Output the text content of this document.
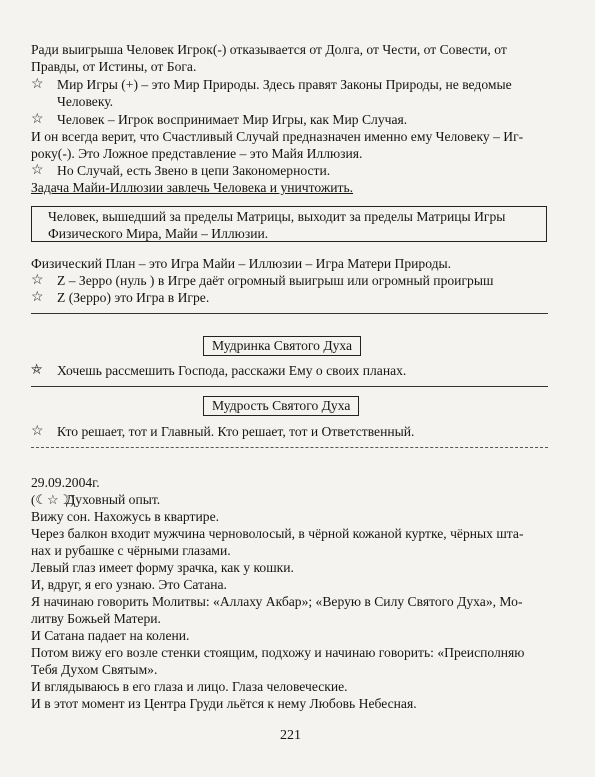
Ради выигрыша Человек Игрок(-) отказывается от Долга, от Чести, от Совести, от
Правды, от Истины, от Бога.
☆ Мир Игры (+) – это Мир Природы. Здесь правят Законы Природы, не ведомые
Человеку.
☆ Человек – Игрок воспринимает Мир Игры, как Мир Случая.
И он всегда верит, что Счастливый Случай предназначен именно ему Человеку – Иг-
року(-). Это Ложное представление – это Майя Иллюзия.
☆ Но Случай, есть Звено в цепи Закономерности.
Задача Майи-Иллюзии завлечь Человека и уничтожить.
Человек, вышедший за пределы Матрицы, выходит за пределы Матрицы Игры
Физического Мира, Майи – Иллюзии.
Физический План – это Игра Майи – Иллюзии – Игра Матери Природы.
☆ Z – Зерро (нуль ) в Игре даёт огромный выигрыш или огромный проигрыш
☆ Z (Зерро) это Игра в Игре.
Мудринка Святого Духа
⛤ Хочешь рассмешить Господа, расскажи Ему о своих планах.
Мудрость Святого Духа
☆ Кто решает, тот и Главный. Кто решает, тот и Ответственный.
29.09.2004г.
(☾☆☽)
Духовный опыт.
Вижу сон. Нахожусь в квартире.
Через балкон входит мужчина черноволосый, в чёрной кожаной куртке, чёрных шта-
нах и рубашке с чёрными глазами.
Левый глаз имеет форму зрачка, как у кошки.
И, вдруг, я его узнаю. Это Сатана.
Я начинаю говорить Молитвы: «Аллаху Акбар»; «Верую в Силу Святого Духа», Мо-
литву Божьей Матери.
И Сатана падает на колени.
Потом вижу его возле стенки стоящим, подхожу и начинаю говорить: «Преисполняю
Тебя Духом Святым».
И вглядываюсь в его глаза и лицо. Глаза человеческие.
И в этот момент из Центра Груди льётся к нему Любовь Небесная.
221
